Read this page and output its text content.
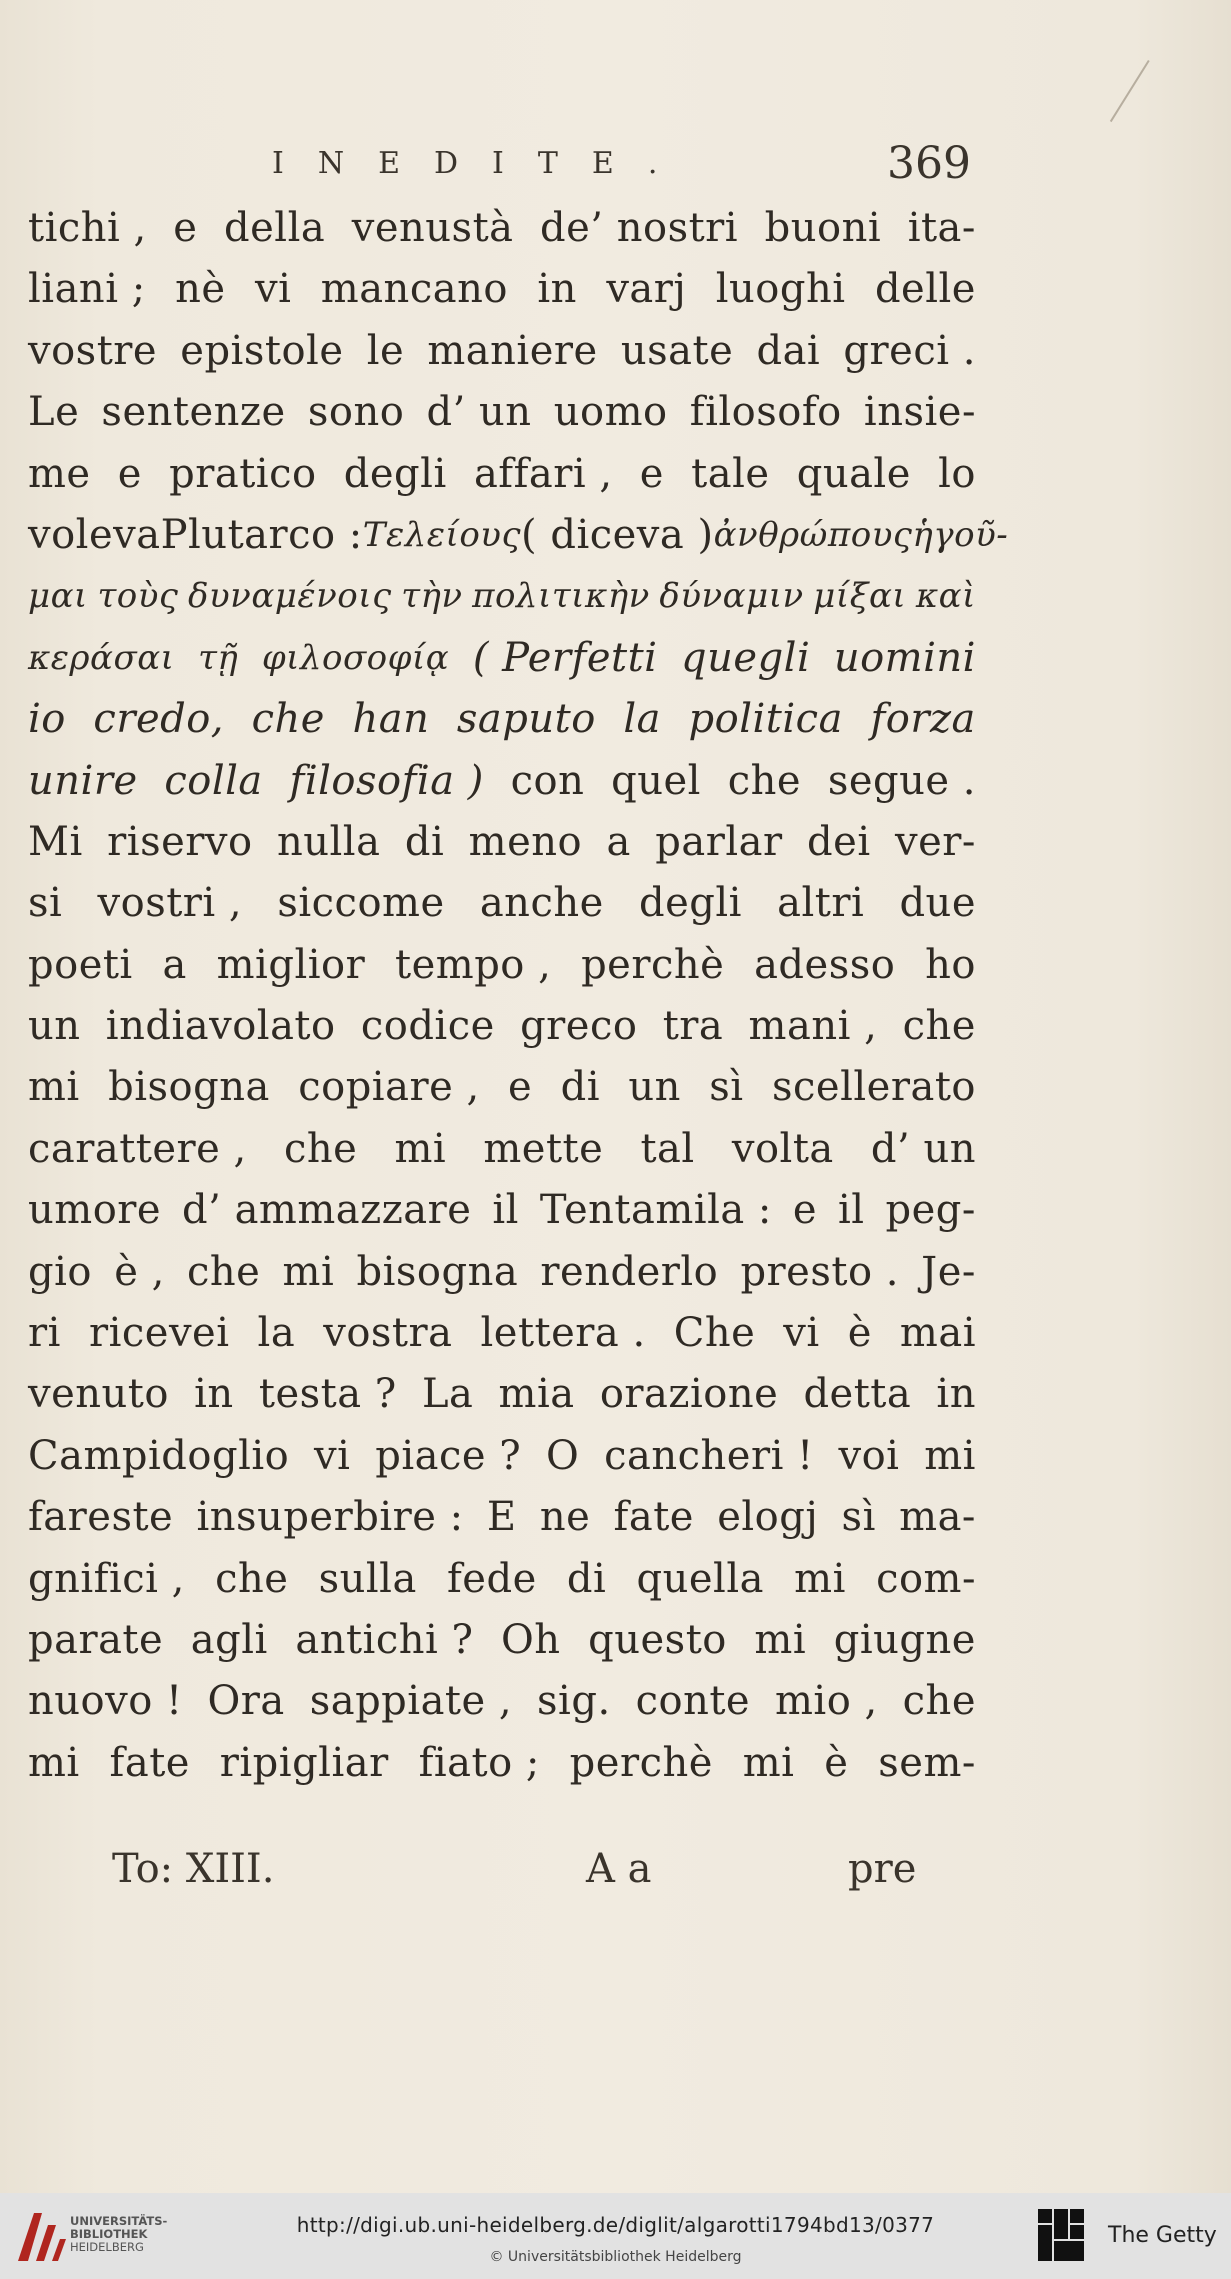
INEDITE.	369
tichi , e della venustà de’ nostri buoni ita-
liani ; nè vi mancano in varj luoghi delle
vostre epistole le maniere usate dai greci .
Le sentenze sono d’ un uomo filosofo insie-
me e pratico degli affari , e tale quale lo
voleva Plutarco : Τελείους ( diceva ) ἀνθρώπους ἡγοῦ-
μαι τοὺς δυναμένοις τὴν πολιτικὴν δύναμιν μίξαι καὶ
κεράσαι τῇ φιλοσοφίᾳ ( Perfetti quegli uomini
io credo, che han saputo la politica forza
unire colla filosofia ) con quel che segue .
Mi riservo nulla di meno a parlar dei ver-
si vostri , siccome anche degli altri due
poeti a miglior tempo , perchè adesso ho
un indiavolato codice greco tra mani , che
mi bisogna copiare , e di un sì scellerato
carattere , che mi mette tal volta d’ un
umore d’ ammazzare il Tentamila : e il peg-
gio è , che mi bisogna renderlo presto . Je-
ri ricevei la vostra lettera . Che vi è mai
venuto in testa ? La mia orazione detta in
Campidoglio vi piace ? O cancheri ! voi mi
fareste insuperbire : E ne fate elogj sì ma-
gnifici , che sulla fede di quella mi com-
parate agli antichi ? Oh questo mi giugne
nuovo ! Ora sappiate , sig. conte mio , che
mi fate ripigliar fiato ; perchè mi è sem-
To: XIII.	A a	pre
UNIVERSITÄTS-
BIBLIOTHEK
HEIDELBERG
http://digi.ub.uni-heidelberg.de/diglit/algarotti1794bd13/0377
© Universitätsbibliothek Heidelberg
The Getty
